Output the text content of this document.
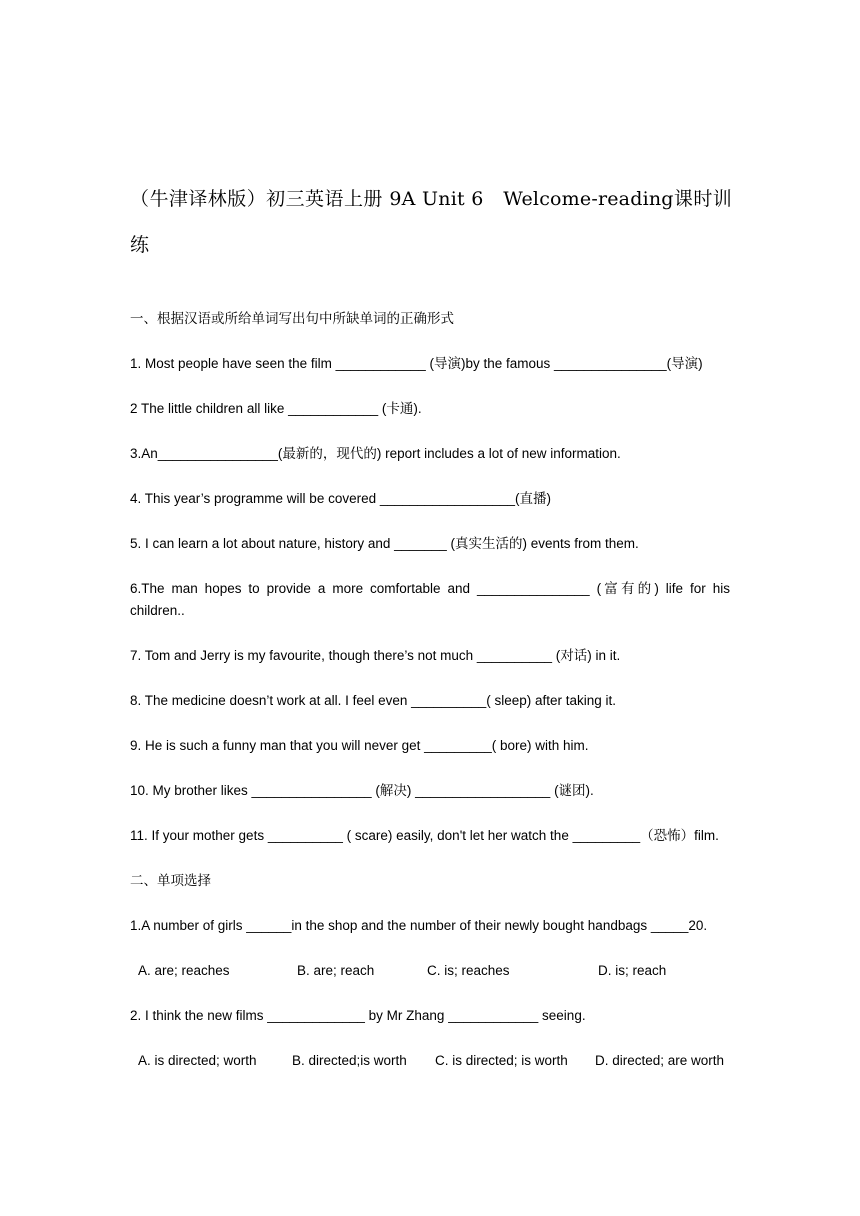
（牛津译林版）初三英语上册 9A Unit 6　Welcome-reading课时训练

一、根据汉语或所给单词写出句中所缺单词的正确形式

1. Most people have seen the film ____________ (导演)by the famous _______________(导演)

2 The little children all like ____________ (卡通).

3.An________________(最新的，现代的) report includes a lot of new information.

4. This year’s programme will be covered __________________(直播)

5. I can learn a lot about nature, history and _______ (真实生活的) events from them.

6.The man hopes to provide a more comfortable and _______________ (富有的) life for his children..

7. Tom and Jerry is my favourite, though there’s not much __________ (对话) in it.

8. The medicine doesn’t work at all. I feel even __________( sleep) after taking it.

9. He is such a funny man that you will never get _________( bore) with him.

10. My brother likes ________________ (解决) __________________ (谜团).

11. If your mother gets __________ ( scare) easily, don't let her watch the _________（恐怖）film.

二、单项选择

1.A number of girls ______in the shop and the number of their newly bought handbags _____20.

A. are; reaches	B. are; reach	C. is; reaches	D. is; reach

2. I think the new films _____________ by Mr Zhang ____________ seeing.

A. is directed; worth	B. directed;is worth	C. is directed; is worth	D. directed; are worth
